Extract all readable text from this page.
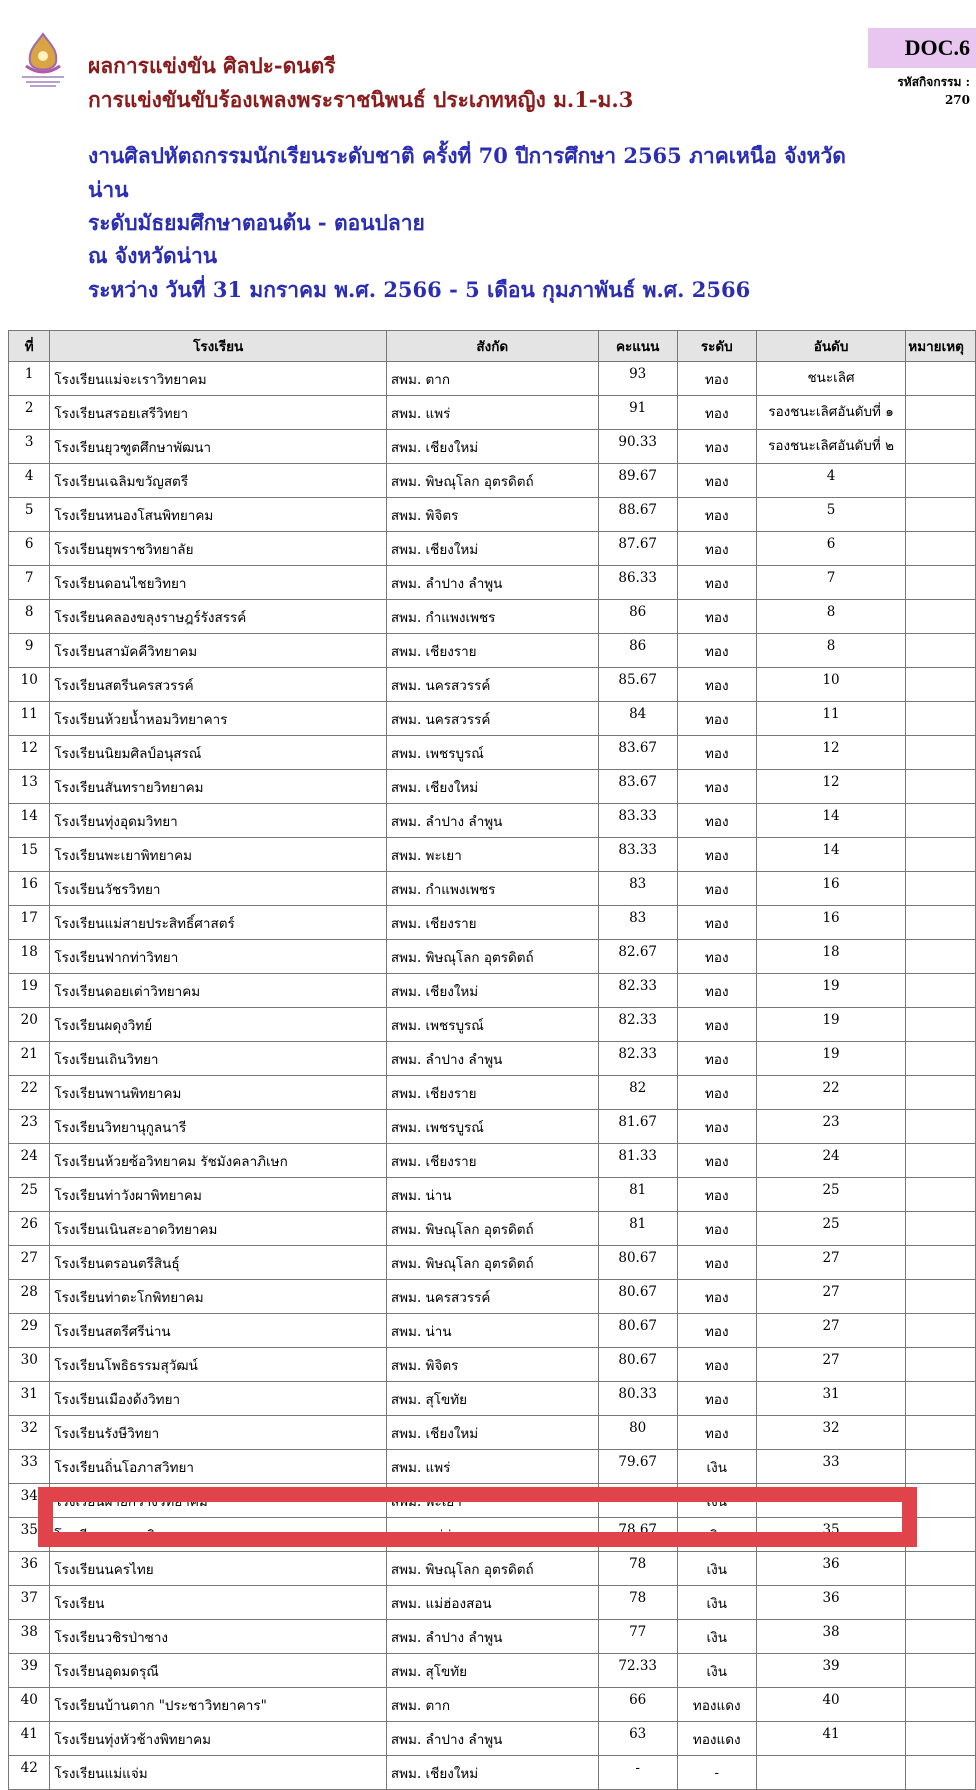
ผลการแข่งขัน ศิลปะ-ดนตรี
การแข่งขันขับร้องเพลงพระราชนิพนธ์ ประเภทหญิง ม.1-ม.3
งานศิลปหัตถกรรมนักเรียนระดับชาติ ครั้งที่ 70 ปีการศึกษา 2565 ภาคเหนือ จังหวัด
น่าน
ระดับมัธยมศึกษาตอนต้น - ตอนปลาย
ณ จังหวัดน่าน
ระหว่าง วันที่ 31 มกราคม พ.ศ. 2566 - 5 เดือน กุมภาพันธ์ พ.ศ. 2566
DOC.6
รหัสกิจกรรม :
270
ที่	โรงเรียน	สังกัด	คะแนน	ระดับ	อันดับ	หมายเหตุ
1	โรงเรียนแม่จะเราวิทยาคม	สพม. ตาก	93	ทอง	ชนะเลิศ	
2	โรงเรียนสรอยเสรีวิทยา	สพม. แพร่	91	ทอง	รองชนะเลิศอันดับที่ ๑	
3	โรงเรียนยุวฑูตศึกษาพัฒนา	สพม. เชียงใหม่	90.33	ทอง	รองชนะเลิศอันดับที่ ๒	
4	โรงเรียนเฉลิมขวัญสตรี	สพม. พิษณุโลก อุตรดิตถ์	89.67	ทอง	4	
5	โรงเรียนหนองโสนพิทยาคม	สพม. พิจิตร	88.67	ทอง	5	
6	โรงเรียนยุพราชวิทยาลัย	สพม. เชียงใหม่	87.67	ทอง	6	
7	โรงเรียนดอนไชยวิทยา	สพม. ลำปาง ลำพูน	86.33	ทอง	7	
8	โรงเรียนคลองขลุงราษฎร์รังสรรค์	สพม. กำแพงเพชร	86	ทอง	8	
9	โรงเรียนสามัคคีวิทยาคม	สพม. เชียงราย	86	ทอง	8	
10	โรงเรียนสตรีนครสวรรค์	สพม. นครสวรรค์	85.67	ทอง	10	
11	โรงเรียนห้วยน้ำหอมวิทยาคาร	สพม. นครสวรรค์	84	ทอง	11	
12	โรงเรียนนิยมศิลป์อนุสรณ์	สพม. เพชรบูรณ์	83.67	ทอง	12	
13	โรงเรียนสันทรายวิทยาคม	สพม. เชียงใหม่	83.67	ทอง	12	
14	โรงเรียนทุ่งอุดมวิทยา	สพม. ลำปาง ลำพูน	83.33	ทอง	14	
15	โรงเรียนพะเยาพิทยาคม	สพม. พะเยา	83.33	ทอง	14	
16	โรงเรียนวัชรวิทยา	สพม. กำแพงเพชร	83	ทอง	16	
17	โรงเรียนแม่สายประสิทธิ์ศาสตร์	สพม. เชียงราย	83	ทอง	16	
18	โรงเรียนฟากท่าวิทยา	สพม. พิษณุโลก อุตรดิตถ์	82.67	ทอง	18	
19	โรงเรียนดอยเต่าวิทยาคม	สพม. เชียงใหม่	82.33	ทอง	19	
20	โรงเรียนผดุงวิทย์	สพม. เพชรบูรณ์	82.33	ทอง	19	
21	โรงเรียนเถินวิทยา	สพม. ลำปาง ลำพูน	82.33	ทอง	19	
22	โรงเรียนพานพิทยาคม	สพม. เชียงราย	82	ทอง	22	
23	โรงเรียนวิทยานุกูลนารี	สพม. เพชรบูรณ์	81.67	ทอง	23	
24	โรงเรียนห้วยซ้อวิทยาคม รัชมังคลาภิเษก	สพม. เชียงราย	81.33	ทอง	24	
25	โรงเรียนท่าวังผาพิทยาคม	สพม. น่าน	81	ทอง	25	
26	โรงเรียนเนินสะอาดวิทยาคม	สพม. พิษณุโลก อุตรดิตถ์	81	ทอง	25	
27	โรงเรียนตรอนตรีสินธุ์	สพม. พิษณุโลก อุตรดิตถ์	80.67	ทอง	27	
28	โรงเรียนท่าตะโกพิทยาคม	สพม. นครสวรรค์	80.67	ทอง	27	
29	โรงเรียนสตรีศรีน่าน	สพม. น่าน	80.67	ทอง	27	
30	โรงเรียนโพธิธรรมสุวัฒน์	สพม. พิจิตร	80.67	ทอง	27	
31	โรงเรียนเมืองด้งวิทยา	สพม. สุโขทัย	80.33	ทอง	31	
32	โรงเรียนรังษีวิทยา	สพม. เชียงใหม่	80	ทอง	32	
33	โรงเรียนถิ่นโอภาสวิทยา	สพม. แพร่	79.67	เงิน	33	
34	โรงเรียนฝายกวางวิทยาคม	สพม. พะเยา	79	เงิน	34	
35	โรงเรียนขุนยวมวิทยา	สพม. แม่ฮ่องสอน	78.67	เงิน	35	
36	โรงเรียนนครไทย	สพม. พิษณุโลก อุตรดิตถ์	78	เงิน	36	
37	โรงเรียน	สพม. แม่ฮ่องสอน	78	เงิน	36	
38	โรงเรียนวชิรป่าซาง	สพม. ลำปาง ลำพูน	77	เงิน	38	
39	โรงเรียนอุดมดรุณี	สพม. สุโขทัย	72.33	เงิน	39	
40	โรงเรียนบ้านตาก "ประชาวิทยาคาร"	สพม. ตาก	66	ทองแดง	40	
41	โรงเรียนทุ่งหัวช้างพิทยาคม	สพม. ลำปาง ลำพูน	63	ทองแดง	41	
42	โรงเรียนแม่แจ่ม	สพม. เชียงใหม่	-	-		
